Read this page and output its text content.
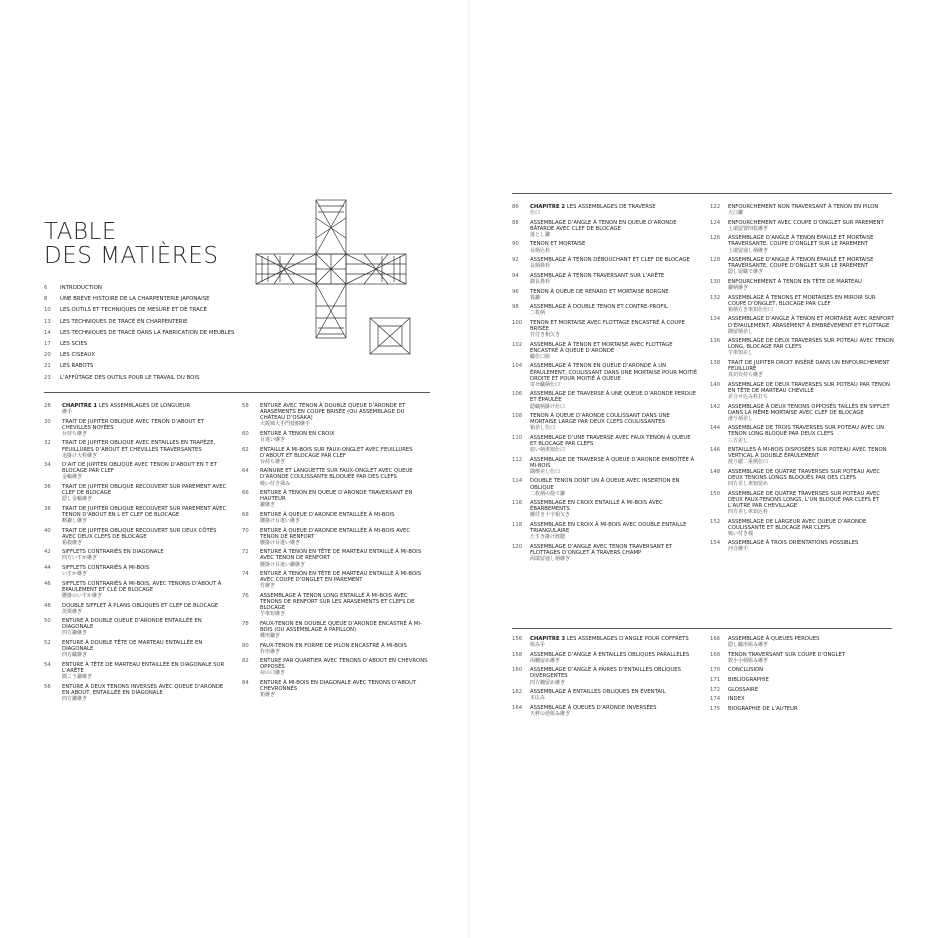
TABLE
DES MATIÈRES
6	INTRODUCTION
8	UNE BRÈVE HISTOIRE DE LA CHARPENTERIE JAPONAISE
10	LES OUTILS ET TECHNIQUES DE MESURE ET DE TRACÉ
13	LES TECHNIQUES DE TRACÉ EN CHARPENTERIE
14	LES TECHNIQUES DE TRACÉ DANS LA FABRICATION DE MEUBLES
17	LES SCIES
20	LES CISEAUX
21	LES RABOTS
23	L’AFFÛTAGE DES OUTILS POUR LE TRAVAIL DU BOIS
28	CHAPITRE 1 LES ASSEMBLAGES DE LONGUEUR
継手
30	TRAIT DE JUPITER OBLIQUE AVEC TENON D’ABOUT ET CHEVILLES NOYÉES
台持ち継ぎ
32	TRAIT DE JUPITER OBLIQUE AVEC ENTAILLES EN TRAPÈZE, FEUILLURES D’ABOUT ET CHEVILLES TRAVERSANTES
追掛け大栓継ぎ
34	D’AIT DE JUPITER OBLIQUE AVEC TENON D’ABOUT EN T ET BLOCAGE PAR CLEF
金輪継ぎ
36	TRAIT DE JUPITER OBLIQUE RECOUVERT SUR PAREMENT AVEC CLEF DE BLOCAGE
隠し金輪継ぎ
38	TRAIT DE JUPITER OBLIQUE RECOUVERT SUR PAREMENT AVEC TENON D’ABOUT EN L ET CLEF DE BLOCAGE
略鎌し継ぎ
40	TRAIT DE JUPITER OBLIQUE RECOUVERT SUR DEUX CÔTÉS AVEC DEUX CLEFS DE BLOCAGE
箱殺継ぎ
42	SIFFLETS CONTRARIÉS EN DIAGONALE
四方いすか継ぎ
44	SIFFLETS CONTRARIÉS À MI-BOIS
いすか継ぎ
46	SIFFLETS CONTRARIÉS À MI-BOIS, AVEC TENONS D’ABOUT À ÉPAULEMENT ET CLÉ DE BLOCAGE
腰掛のいすか継ぎ
48	DOUBLE SIFFLET À PLANS OBLIQUES ET CLEF DE BLOCAGE
茨栗継ぎ
50	ENTURE À DOUBLE QUEUE D’ARONDE ENTAILLÉE EN DIAGONALE
四方鎌継ぎ
52	ENTURE À DOUBLE TÊTE DE MARTEAU ENTAILLÉE EN DIAGONALE
四方蟻継ぎ
54	ENTURE À TÊTE DE MARTEAU ENTAILLÉE EN DIAGONALE SUR L’ARÊTE
隅こう鎌継ぎ
56	ENTURE À DEUX TENONS INVERSÉS AVEC QUEUE D’ARONDE EN ABOUT, ENTAILLÉE EN DIAGONALE
四方鎌継ぎ
58	ENTURE AVEC TENON À DOUBLE QUEUE D’ARONDE ET ARASEMENTS EN COUPE BRISÉE (OU ASSEMBLAGE DU CHÂTEAU D’OSAKA)
大阪城大手門枝樹継手
60	ENTURE À TENON EN CROIX
目違い継ぎ
62	ENTAILLE À MI-BOIS SUR FAUX-ONGLET AVEC FEUILLURES D’ABOUT ET BLOCAGE PAR CLEF
台持ち継ぎ
64	RAINURE ET LANGUETTE SUR FAUX-ONGLET AVEC QUEUE D’ARONDE COULISSANTE BLOQUÉE PAR DES CLEFS
吸い付き挿み
66	ENTURE À TENON EN QUEUE D’ARONDE TRAVERSANT EN HAUTEUR
鎌継ぎ
68	ENTURE À QUEUE D’ARONDE ENTAILLÉE À MI-BOIS
腰掛け目違い継ぎ
70	ENTURE À QUEUE D’ARONDE ENTAILLÉE À MI-BOIS AVEC TENON DE RENFORT
腰掛け目違い継ぎ
72	ENTURE À TENON EN TÊTE DE MARTEAU ENTAILLÉ À MI-BOIS AVEC TENON DE RENFORT
腰掛け目違い鎌継ぎ
74	ENTURE À TENON EN TÊTE DE MARTEAU ENTAILLÉ À MI-BOIS AVEC COUPE D’ONGLET EN PAREMENT
竹継ぎ
76	ASSEMBLAGE À TENON LONG ENTAILLÉ À MI-BOIS AVEC TENONS DE RENFORT SUR LES ARASEMENTS ET CLEFS DE BLOCAGE
芋車短継ぎ
78	FAUX-TENON EN DOUBLE QUEUE D’ARONDE ENCASTRÉ À MI-BOIS (OU ASSEMBLAGE À PAPILLON)
蝶形鎌ぎ
80	FAUX-TENON EN FORME DE PILON ENCASTRÉ À MI-BOIS
杵形継ぎ
82	ENTURE PAR QUARTIER AVEC TENONS D’ABOUT EN CHEVRONS OPPOSÉS
対の口継ぎ
84	ENTURE À MI-BOIS EN DIAGONALE AVEC TENONS D’ABOUT CHEVRONNÉS
箱継ぎ
86	CHAPITRE 2 LES ASSEMBLAGES DE TRAVERSE
仕口
88	ASSEMBLAGE D’ANGLE À TENON EN QUEUE D’ARONDE BÂTARDE AVEC CLEF DE BLOCAGE
落とし鎌
90	TENON ET MORTAISE
長柄込栓
92	ASSEMBLAGE À TENON DÉBOUCHANT ET CLEF DE BLOCAGE
長柄鼻栓
94	ASSEMBLAGE À TENON TRAVERSANT SUR L’ARÊTE
隅長鼻栓
96	TENON À QUEUE DE RENARD ET MORTAISE BORGNE
狐鎌
98	ASSEMBLAGE À DOUBLE TENON ET CONTRE-PROFIL
二枚柄
100	TENON ET MORTAISE AVEC FLOTTAGE ENCASTRÉ À COUPE BRISÉE
竹付き相欠き
102	ASSEMBLAGE À TENON ET MORTAISE AVEC FLOTTAGE ENCASTRÉ À QUEUE D’ARONDE
蟻仕口組
104	ASSEMBLAGE À TENON EN QUEUE D’ARONDE À UN ÉPAULEMENT, COULISSANT DANS UNE MORTAISE POUR MOITIÉ DROITE ET POUR MOITIÉ À QUEUE
寄せ蟻柄仕口
106	ASSEMBLAGE DE TRAVERSE À UNE QUEUE D’ARONDE PERDUE ET ÉPAULÉE
隠蟻柄掛け仕口
108	TENON À QUEUE D’ARONDE COULISSANT DANS UNE MORTAISE LARGE PAR DEUX CLEFS COULISSANTES
箱差し仕口
110	ASSEMBLAGE D’UNE TRAVERSE AVEC FAUX TENON À QUEUE ET BLOCAGE PAR CLEFS
雇い柄車知仕口
112	ASSEMBLAGE DE TRAVERSE À QUEUE D’ARONDE EMBOÎTÉE À MI-BOIS
隅楔差し仕口
114	DOUBLE TENON DONT UN À QUEUE AVEC INSERTION EN OBLIQUE
二枚柄の捨て鎌
116	ASSEMBLAGE EN CROIX ENTAILLÉ À MI-BOIS AVEC ÉBARBEMENTS
腰付き十字相欠き
118	ASSEMBLAGE EN CROIX À MI-BOIS AVEC DOUBLE ENTAILLE TRIANGULAIRE
たすき掛け渡腮
120	ASSEMBLAGE D’ANGLE AVEC TENON TRAVERSANT ET FLOTTAGES D’ONGLET À TRAVERS CHAMP
両端留通し柄継ぎ
122	ENFOURCHEMENT NON TRAVERSANT À TENON EN PILON
大口鎌
124	ENFOURCHEMENT AVEC COUPE D’ONGLET SUR PAREMENT
上端留置四枚継ぎ
126	ASSEMBLAGE D’ANGLE À TENON ÉPAULÉ ET MORTAISE TRAVERSANTE, COUPE D’ONGLET SUR LE PAREMENT
上端留通し柄継ぎ
128	ASSEMBLAGE D’ANGLE À TENON ÉPAULÉ ET MORTAISE TRAVERSANTE, COUPE D’ONGLET SUR LE PAREMENT
隠し留蟻で継ぎ
130	ENFOURCHEMENT À TENON EN TÊTE DE MARTEAU
鎌柄継ぎ
132	ASSEMBLAGE À TENONS ET MORTAISES EN MIROIR SUR COUPE D’ONGLET, BLOCAGE PAR CLEF
箱柄方き車知仕仕口
134	ASSEMBLAGE D’ANGLE À TENON ET MORTAISE AVEC RENFORT D’ÉPAULEMENT, ARASEMENT À EMBRÈVEMENT ET FLOTTAGE
隅留柄差し
136	ASSEMBLAGE DE DEUX TRAVERSES SUR POTEAU AVEC TENON LONG, BLOCAGE PAR CLEFS
芋車知差し
138	TRAIT DE JUPITER DROIT INSÉRÉ DANS UN ENFOURCHEMENT FEUILLURÉ
真切台持ち継ぎ
140	ASSEMBLAGE DE DEUX TRAVERSES SUR POTEAU PAR TENON EN TÊTE DE MARTEAU CHEVILLÉ
差合せ込み栓打ち
142	ASSEMBLAGE À DEUX TENONS OPPOSÉS TAILLÉS EN SIFFLET DANS LA MÊME MORTAISE AVEC CLEF DE BLOCAGE
滑り柄差し
144	ASSEMBLAGE DE TROIS TRAVERSES SUR POTEAU AVEC UN TENON LONG BLOQUÉ PAR DEUX CLEFS
三方差し
146	ENTAILLES À MI-BOIS DISPOSÉES SUR POTEAU AVEC TENON VERTICAL À DOUBLE ÉPAULEMENT
渡り腮二重柄仕口
148	ASSEMBLAGE DE QUATRE TRAVERSES SUR POTEAU AVEC DEUX TENONS LONGS BLOQUÉS PAR DES CLEFS
四方差し車知留め
150	ASSEMBLAGE DE QUATRE TRAVERSES SUR POTEAU AVEC DEUX FAUX-TENONS LONGS, L’UN BLOQUÉ PAR CLEFS ET L’AUTRE PAR CHEVILLAGE
四方差し車知込栓
152	ASSEMBLAGE DE LARGEUR AVEC QUEUE D’ARONDE COULISSANTE ET BLOCAGE PAR CLEFS
吸い付き桟
154	ASSEMBLAGE À TROIS ORIENTATIONS POSSIBLES
河合継手
156	CHAPITRE 3 LES ASSEMBLAGES D’ANGLE POUR COFFRETS
組み手
158	ASSEMBLAGE D’ANGLE À ENTAILLES OBLIQUES PARALLÈLES
両蝿留め継ぎ
160	ASSEMBLAGE D’ANGLE À PAIRES D’ENTAILLES OBLIQUES DIVERGENTES
四方蝿留め継ぎ
162	ASSEMBLAGE À ENTAILLES OBLIQUES EN ÉVENTAIL
末広み
164	ASSEMBLAGE À QUEUES D’ARONDE INVERSÉES
天秤の逆組み継ぎ
166	ASSEMBLAGE À QUEUES PERDUES
隠し蟻形組み継ぎ
168	TENON TRAVERSANT SUR COUPE D’ONGLET
数小小柄組み継ぎ
170	CONCLUSION
171	BIBLIOGRAPHIE
172	GLOSSAIRE
174	INDEX
175	BIOGRAPHIE DE L’AUTEUR
